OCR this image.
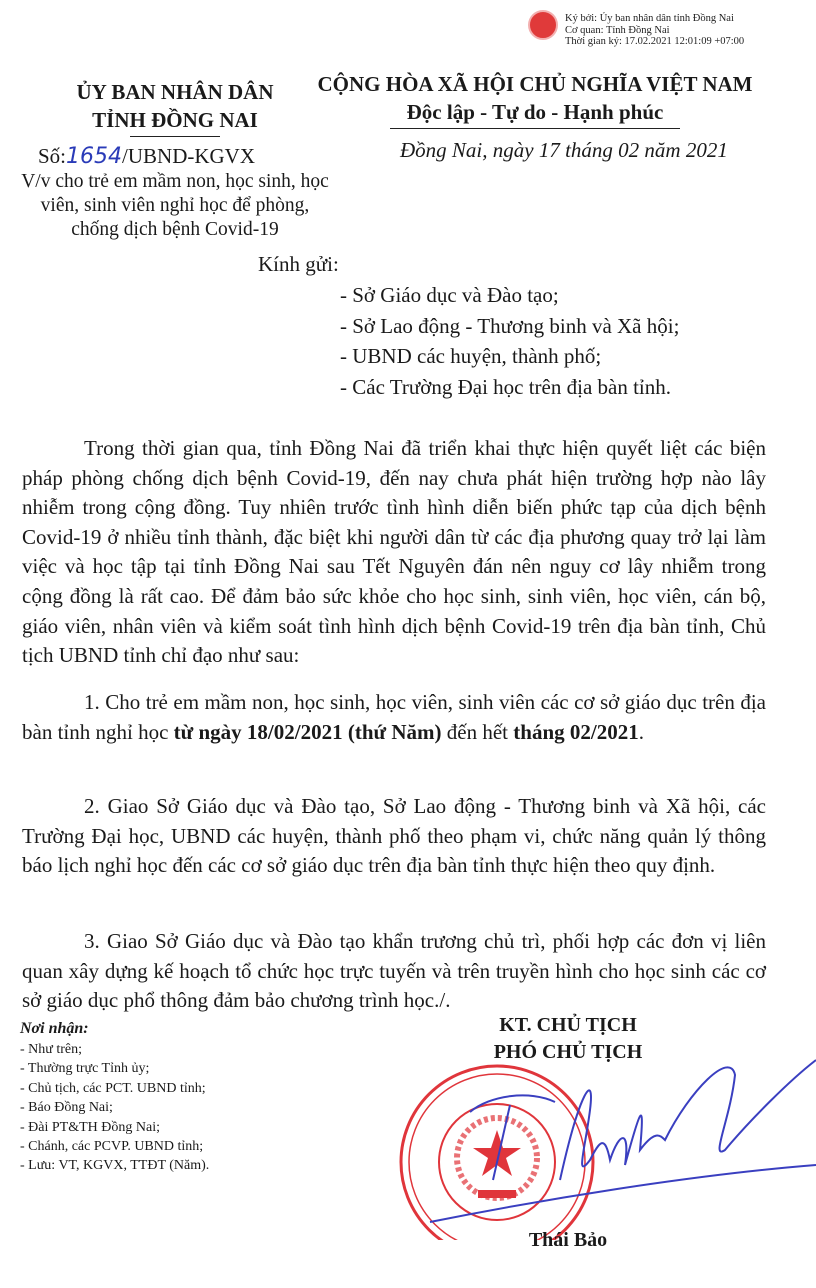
Ký bởi: Ủy ban nhân dân tỉnh Đồng Nai
Cơ quan: Tỉnh Đồng Nai
Thời gian ký: 17.02.2021 12:01:09 +07:00
ỦY BAN NHÂN DÂN
TỈNH ĐỒNG NAI
CỘNG HÒA XÃ HỘI CHỦ NGHĨA VIỆT NAM
Độc lập - Tự do - Hạnh phúc
Số:1654/UBND-KGVX
V/v cho trẻ em mầm non, học sinh, học
viên, sinh viên nghỉ học để phòng,
chống dịch bệnh Covid-19
Đồng Nai, ngày 17 tháng 02 năm 2021
Kính gửi:
- Sở Giáo dục và Đào tạo;
- Sở Lao động - Thương binh và Xã hội;
- UBND các huyện, thành phố;
- Các Trường Đại học trên địa bàn tỉnh.

Trong thời gian qua, tỉnh Đồng Nai đã triển khai thực hiện quyết liệt các biện pháp phòng chống dịch bệnh Covid-19, đến nay chưa phát hiện trường hợp nào lây nhiễm trong cộng đồng. Tuy nhiên trước tình hình diễn biến phức tạp của dịch bệnh Covid-19 ở nhiều tỉnh thành, đặc biệt khi người dân từ các địa phương quay trở lại làm việc và học tập tại tỉnh Đồng Nai sau Tết Nguyên đán nên nguy cơ lây nhiễm trong cộng đồng là rất cao. Để đảm bảo sức khỏe cho học sinh, sinh viên, học viên, cán bộ, giáo viên, nhân viên và kiểm soát tình hình dịch bệnh Covid-19 trên địa bàn tỉnh, Chủ tịch UBND tỉnh chỉ đạo như sau:

1. Cho trẻ em mầm non, học sinh, học viên, sinh viên các cơ sở giáo dục trên địa bàn tỉnh nghỉ học từ ngày 18/02/2021 (thứ Năm) đến hết tháng 02/2021.

2. Giao Sở Giáo dục và Đào tạo, Sở Lao động - Thương binh và Xã hội, các Trường Đại học, UBND các huyện, thành phố theo phạm vi, chức năng quản lý thông báo lịch nghỉ học đến các cơ sở giáo dục trên địa bàn tỉnh thực hiện theo quy định.

3. Giao Sở Giáo dục và Đào tạo khẩn trương chủ trì, phối hợp các đơn vị liên quan xây dựng kế hoạch tổ chức học trực tuyến và trên truyền hình cho học sinh các cơ sở giáo dục phổ thông đảm bảo chương trình học./.

Nơi nhận:
- Như trên;
- Thường trực Tỉnh ủy;
- Chủ tịch, các PCT. UBND tỉnh;
- Báo Đồng Nai;
- Đài PT&TH Đồng Nai;
- Chánh, các PCVP. UBND tỉnh;
- Lưu: VT, KGVX, TTĐT (Năm).
KT. CHỦ TỊCH
PHÓ CHỦ TỊCH
Thái Bảo
